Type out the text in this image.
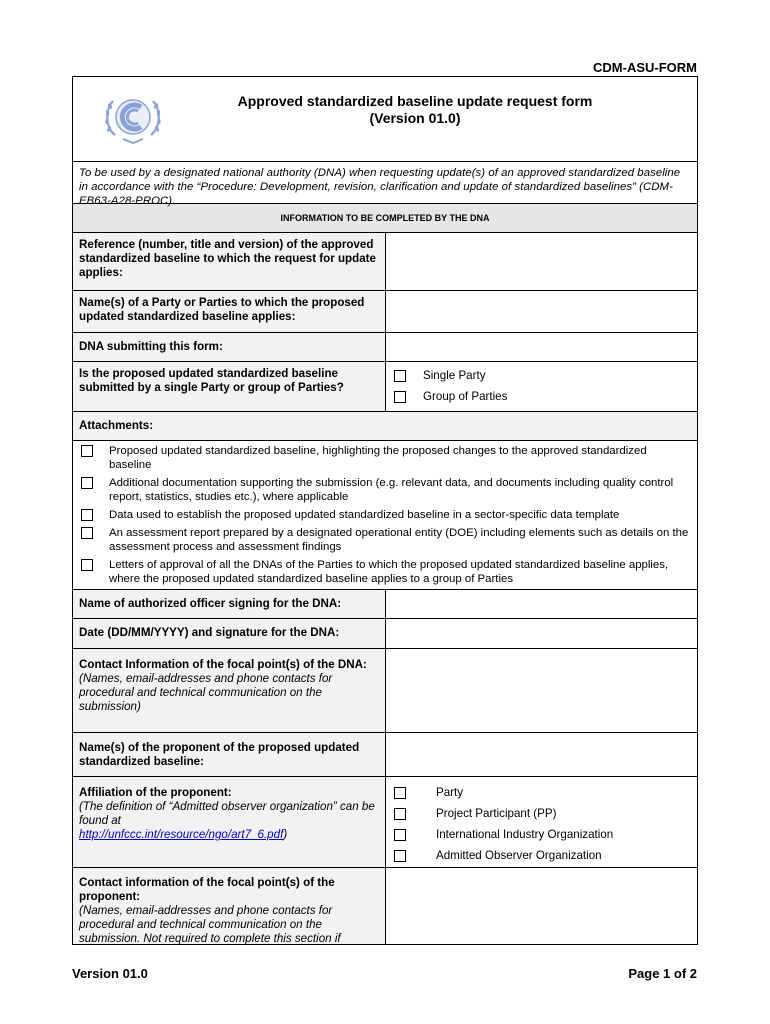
CDM-ASU-FORM
Approved standardized baseline update request form
(Version 01.0)
To be used by a designated national authority (DNA) when requesting update(s) of an approved standardized baseline in accordance with the “Procedure: Development, revision, clarification and update of standardized baselines” (CDM-EB63-A28-PROC).
INFORMATION TO BE COMPLETED BY THE DNA
Reference (number, title and version) of the approved standardized baseline to which the request for update applies:
Name(s) of a Party or Parties to which the proposed updated standardized baseline applies:
DNA submitting this form:
Is the proposed updated standardized baseline submitted by a single Party or group of Parties?
Single Party
Group of Parties
Attachments:
Proposed updated standardized baseline, highlighting the proposed changes to the approved standardized baseline
Additional documentation supporting the submission (e.g. relevant data, and documents including quality control report, statistics, studies etc.), where applicable
Data used to establish the proposed updated standardized baseline in a sector-specific data template
An assessment report prepared by a designated operational entity (DOE) including elements such as details on the assessment process and assessment findings
Letters of approval of all the DNAs of the Parties to which the proposed updated standardized baseline applies, where the proposed updated standardized baseline applies to a group of Parties
Name of authorized officer signing for the DNA:
Date (DD/MM/YYYY) and signature for the DNA:
Contact Information of the focal point(s) of the DNA:
(Names, email-addresses and phone contacts for procedural and technical communication on the submission)
Name(s) of the proponent of the proposed updated standardized baseline:
Affiliation of the proponent:
(The definition of “Admitted observer organization” can be found at
http://unfccc.int/resource/ngo/art7_6.pdf)
Party
Project Participant (PP)
International Industry Organization
Admitted Observer Organization
Contact information of the focal point(s) of the proponent:
(Names, email-addresses and phone contacts for procedural and technical communication on the submission. Not required to complete this section if
Version 01.0	Page 1 of 2
